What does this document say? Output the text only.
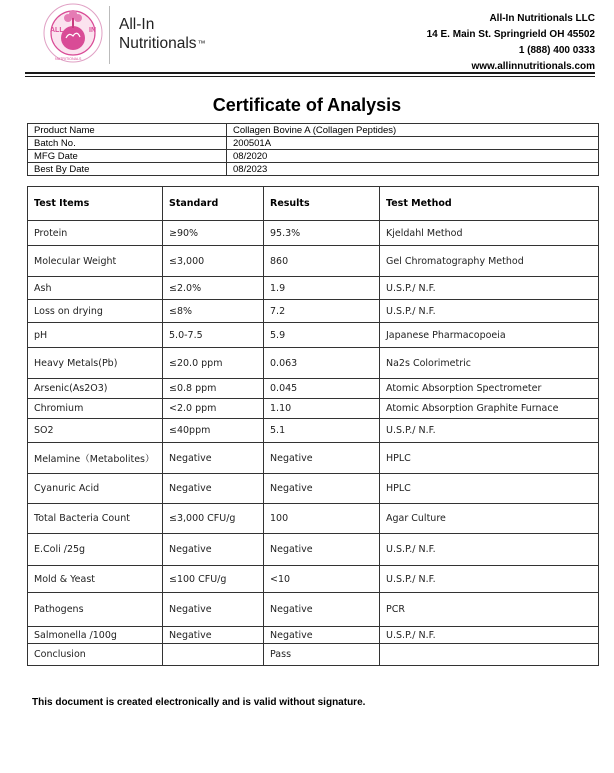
ALL	IN
NUTRITIONALS
All-In
Nutritionals™
All-In Nutritionals LLC
14 E. Main St. Springrield OH 45502
1 (888) 400 0333
www.allinnutritionals.com
Certificate of Analysis
Product Name	Collagen Bovine A (Collagen Peptides)
Batch No.	200501A
MFG Date	08/2020
Best By Date	08/2023
Test Items	Standard	Results	Test Method
Protein	≥90%	95.3%	Kjeldahl Method
Molecular Weight	≤3,000	860	Gel Chromatography Method
Ash	≤2.0%	1.9	U.S.P./ N.F.
Loss on drying	≤8%	7.2	U.S.P./ N.F.
pH	5.0-7.5	5.9	Japanese Pharmacopoeia
Heavy Metals(Pb)	≤20.0 ppm	0.063	Na2s Colorimetric
Arsenic(As2O3)	≤0.8 ppm	0.045	Atomic Absorption Spectrometer
Chromium	<2.0 ppm	1.10	Atomic Absorption Graphite Furnace
SO2	≤40ppm	5.1	U.S.P./ N.F.
Melamine（Metabolites）	Negative	Negative	HPLC
Cyanuric Acid	Negative	Negative	HPLC
Total Bacteria Count	≤3,000 CFU/g	100	Agar Culture
E.Coli /25g	Negative	Negative	U.S.P./ N.F.
Mold & Yeast	≤100 CFU/g	<10	U.S.P./ N.F.
Pathogens	Negative	Negative	PCR
Salmonella /100g	Negative	Negative	U.S.P./ N.F.
Conclusion		Pass	
This document is created electronically and is valid without signature.
